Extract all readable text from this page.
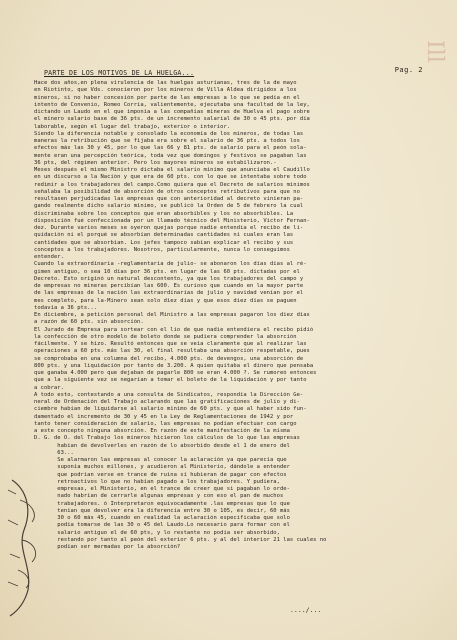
Ill
Pag. 2
PARTE DE LOS MOTIVOS DE LA HUELGA...
Hace dos años,en plena virulencia de las huelgas asturianas, tres de la de mayo
en Riotinto, que Vds. conocieron por los mineros de Villa Aldea dirigidos a los
mineros, si no haber concesión por parte de las empresas a lo que se pedía en el
intento de Convenio, Romeo Corría, valientemente, ejecutaba una facultad de la ley,
dictando un Laudo en el que imponía a las compañías mineras de Huelva el pago sobre
el mínero salario base de 36 pts. de un incremento salarial de 30 o 45 pts. por día
laborable, según el lugar del trabajo, exterior o interior.
Siendo la diferencia notable y consolado la economía de los mineros, de todas las
maneras la retribución que se fijaba era sobre el salario de 36 pts. a todos los
efectos más las 30 y 45, por lo que las 66 y 81 pts. de salario para el peón sola-
mente eran una percepción teórica, toda vez que domingos y festivos se pagaban las
36 pts, del régimen anterior. Pero los mayores mineros se estabilizaron.-
Meses después el mismo Ministro dictaba el salario mínimo que anunciaba el Caudillo
en un discurso a la Nación y que era de 60 pts. con lo que se intentaba sobre todo
redimir a los trabajadores del campo.Como quiera que el Decreto de salarios mínimos
señalaba la posibilidad de absorción de otros conceptos retributivos para que no
resultasen perjudicadas las empresas que con anterioridad al decreto vinieran pa-
gando realmente dicho salario mínimo, se publicó la Orden de 5 de febrero la cual
discriminaba sobre los conceptos que eran absorbibles y los no absorbibles. La
disposición fué confeccionada por un llamado técnico del Ministerio, Victor Fernan-
dez. Durante varios meses se oyeron quejas porque nadie entendía el recibo de li-
quidación ni el porqué se absorbían determinadas cantidades ni cuales eran las
cantidades que se absorbían. Los jefes tampoco sabían explicar el recibo y sus
conceptos a los trabajadores. Nosotros, particularmente, nunca lo conseguimos
entender.
Cuando la extraordinaria -reglamentaria de julio- se abonaron los días días al ré-
gimen antiguo, o sea 10 días por 36 pts. en lugar de las 60 pts. dictadas por el
Decreto. Esto originó un natural descontento, ya que los trabajadores del campo y
de empresas no mineras percibían las 600. Es curioso que cuando en la mayor parte
de las empresas de la nación las extraordinarias de julio y navidad venían por el
mes completo, para la-Minero sean solo diez días y que esos diez días se paguen
todavía a 36 pts...
En diciembre, a petición personal del Ministro a las empresas pagaron los diez días
a razón de 60 pts. sin absorción.
El Jurado de Empresa para sortear con el lío de que nadie entendiera el recibo pidió
la confección de otro modelo de boleto donde se pudiera comprender la absorción
fácilmente. Y se hizo. Resultó entonces que se veía claramente que al realizar las
operaciones a 60 pts. más las 30, el final resultaba una absorción respetable, pues
se comprobaba en una columna del recibo, 4.000 pts. de devengos, una absorción de
800 pts. y una liquidación por tanto de 3.200. A quien quitaba el dinero que pensaba
que ganaba 4.000 pero que dejaban de pagarle 800 se eran 4.000 ?. Se rumoreó entonces
que a la siguiente vez se negarían a tomar el boleto de la liquidación y por tanto
a cobrar.
A todo esto, contestando a una consulta de Sindicatos, respondía la Dirección Ge-
neral de Ordenación del Trabajo aclarando que las gratificaciones de julio y di-
ciembre habían de liquidarse al salario mínimo de 60 pts. y que al haber sido fun-
damentado el incremento de 30 y 45 en la Ley de Reglamentaciones de 1942 y por
tanto tener consideración de salario, las empresas no podían efectuar con cargo
a este concepto ninguna absorción. En razón de este manifestación de la misma
D. G. de O. del Trabajo los mineros hicieron los cálculos de lo que las empresas
habían de devolverles en razón de lo absorbido desde el 1 de enero del
63...
Se alarmaron las empresas al conocer la aclaración ya que parecía que
suponía muchos millones, y acudieron al Ministerio, dándole a entender
que podrían verse en trance de ruina si hubieran de pagar con efectos
retroactivos lo que no habían pagado a los trabajadores. Y pudiera,
empresas, el Ministerio, en el trance de creer que si pagaban lo orde-
nado habrían de cerrarle algunas empresas y con eso el pan de muchos
trabajadores. ó Interpretaron equivocadamente .las empresas que lo que
tenían que devolver era la diferencia entre 30 o 105, es decir, 60 más
30 o 60 más 45, cuando en realidad la aclaración especificaba que solo
podía tomarse de las 30 o 45 del Laudo.Lo necesario para formar con el
salario antiguo el de 60 pts, y lo restante no podía ser absorbido,
restando por tanto al peón del exterior 6 pts. y al del interior 21 las cuales no
podían ser mermadas por la absorción?
..../...
